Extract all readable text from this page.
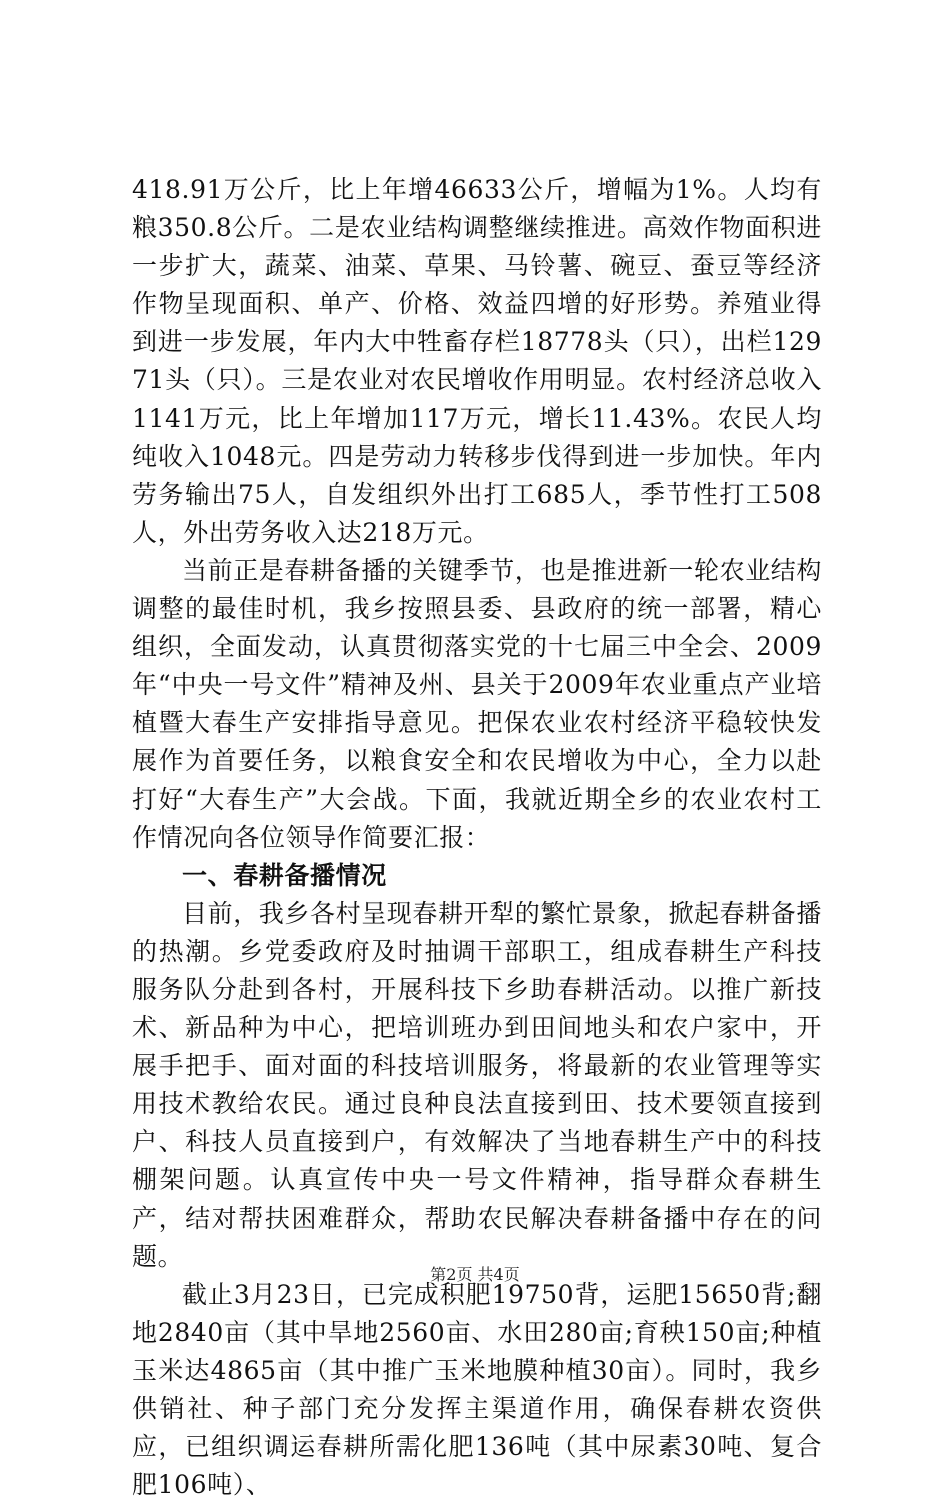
418.91万公斤，比上年增46633公斤，增幅为1%。人均有粮350.8公斤。二是农业结构调整继续推进。高效作物面积进一步扩大，蔬菜、油菜、草果、马铃薯、碗豆、蚕豆等经济作物呈现面积、单产、价格、效益四增的好形势。养殖业得到进一步发展，年内大中牲畜存栏18778头（只），出栏12971头（只）。三是农业对农民增收作用明显。农村经济总收入1141万元，比上年增加117万元，增长11.43%。农民人均纯收入1048元。四是劳动力转移步伐得到进一步加快。年内劳务输出75人，自发组织外出打工685人，季节性打工508人，外出劳务收入达218万元。

当前正是春耕备播的关键季节，也是推进新一轮农业结构调整的最佳时机，我乡按照县委、县政府的统一部署，精心组织，全面发动，认真贯彻落实党的十七届三中全会、2009年“中央一号文件”精神及州、县关于2009年农业重点产业培植暨大春生产安排指导意见。把保农业农村经济平稳较快发展作为首要任务，以粮食安全和农民增收为中心，全力以赴打好“大春生产”大会战。下面，我就近期全乡的农业农村工作情况向各位领导作简要汇报：

一、春耕备播情况

目前，我乡各村呈现春耕开犁的繁忙景象，掀起春耕备播的热潮。乡党委政府及时抽调干部职工，组成春耕生产科技服务队分赴到各村，开展科技下乡助春耕活动。以推广新技术、新品种为中心，把培训班办到田间地头和农户家中，开展手把手、面对面的科技培训服务，将最新的农业管理等实用技术教给农民。通过良种良法直接到田、技术要领直接到户、科技人员直接到户，有效解决了当地春耕生产中的科技棚架问题。认真宣传中央一号文件精神，指导群众春耕生产，结对帮扶困难群众，帮助农民解决春耕备播中存在的问题。

截止3月23日，已完成积肥19750背，运肥15650背;翻地2840亩（其中旱地2560亩、水田280亩;育秧150亩;种植玉米达4865亩（其中推广玉米地膜种植30亩）。同时，我乡供销社、种子部门充分发挥主渠道作用，确保春耕农资供应，已组织调运春耕所需化肥136吨（其中尿素30吨、复合肥106吨）、

第2页 共4页
